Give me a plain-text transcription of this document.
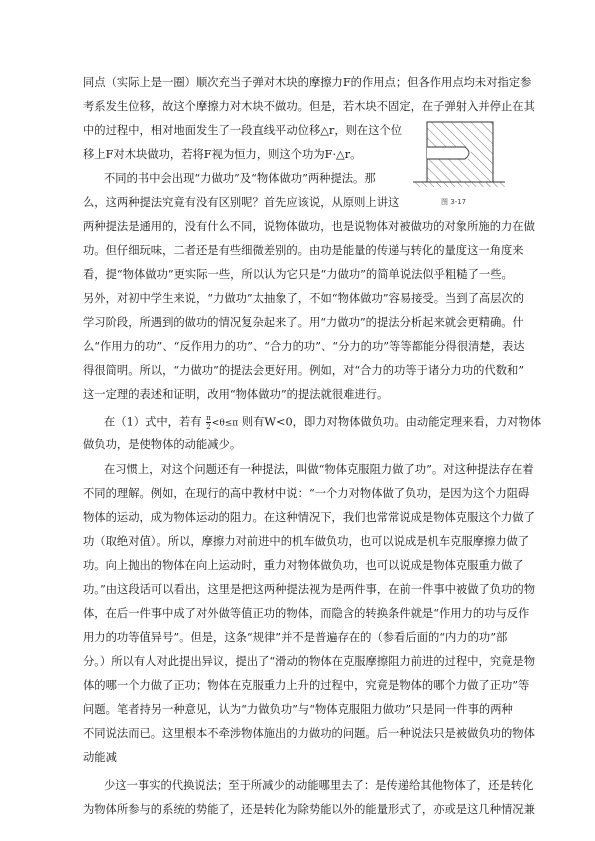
同点（实际上是一圈）顺次充当子弹对木块的摩擦力F的作用点；但各作用点均未对指定参
考系发生位移，故这个摩擦力对木块不做功。但是，若木块不固定，在子弹射入并停止在其
中的过程中，相对地面发生了一段直线平动位移△r，则在这个位
移上F对木块做功，若将F视为恒力，则这个功为F·△r。
不同的书中会出现“力做功”及“物体做功”两种提法。那
么，这两种提法究竟有没有区别呢？首先应该说，从原则上讲这
两种提法是通用的，没有什么不同，说物体做功，也是说物体对被做功的对象所施的力在做
功。但仔细玩味，二者还是有些细微差别的。由功是能量的传递与转化的量度这一角度来
看，提“物体做功”更实际一些，所以认为它只是“力做功”的简单说法似乎粗糙了一些。
另外，对初中学生来说，“力做功”太抽象了，不如“物体做功”容易接受。当到了高层次的
学习阶段，所遇到的做功的情况复杂起来了。用“力做功”的提法分析起来就会更精确。什
么“作用力的功”、“反作用力的功”、“合力的功”、“分力的功”等等都能分得很清楚，表达
得很简明。所以，“力做功”的提法会更好用。例如，对“合力的功等于诸分力功的代数和”
这一定理的表述和证明，改用“物体做功”的提法就很难进行。
在（1）式中，若有 $\frac{\pi}{2} <\theta\le\pi$ 则有W<0，即力对物体做负功。由动能定理来看，力对物体
做负功，是使物体的动能减少。
在习惯上，对这个问题还有一种提法，叫做“物体克服阻力做了功”。对这种提法存在着
不同的理解。例如，在现行的高中教材中说：“一个力对物体做了负功，是因为这个力阻碍
物体的运动，成为物体运动的阻力。在这种情况下，我们也常常说成是物体克服这个力做了
功（取绝对值）。所以，摩擦力对前进中的机车做负功，也可以说成是机车克服摩擦力做了
功。向上抛出的物体在向上运动时，重力对物体做负功，也可以说成是物体克服重力做了
功。”由这段话可以看出，这里是把这两种提法视为是两件事，在前一件事中被做了负功的物
体，在后一件事中成了对外做等值正功的物体，而隐含的转换条件就是“作用力的功与反作
用力的功等值异号”。但是，这条“规律”并不是普遍存在的（参看后面的“内力的功”部
分。）所以有人对此提出异议，提出了“滑动的物体在克服摩擦阻力前进的过程中，究竟是物
体的哪一个力做了正功；物体在克服重力上升的过程中，究竟是物体的哪个力做了正功”等
问题。笔者持另一种意见，认为“力做负功”与“物体克服阻力做功”只是同一件事的两种
不同说法而已。这里根本不牵涉物体施出的力做功的问题。后一种说法只是被做负功的物体
动能减
少这一事实的代换说法；至于所减少的动能哪里去了：是传递给其他物体了，还是转化
为物体所参与的系统的势能了，还是转化为除势能以外的能量形式了，亦或是这几种情况兼
图 3-17
